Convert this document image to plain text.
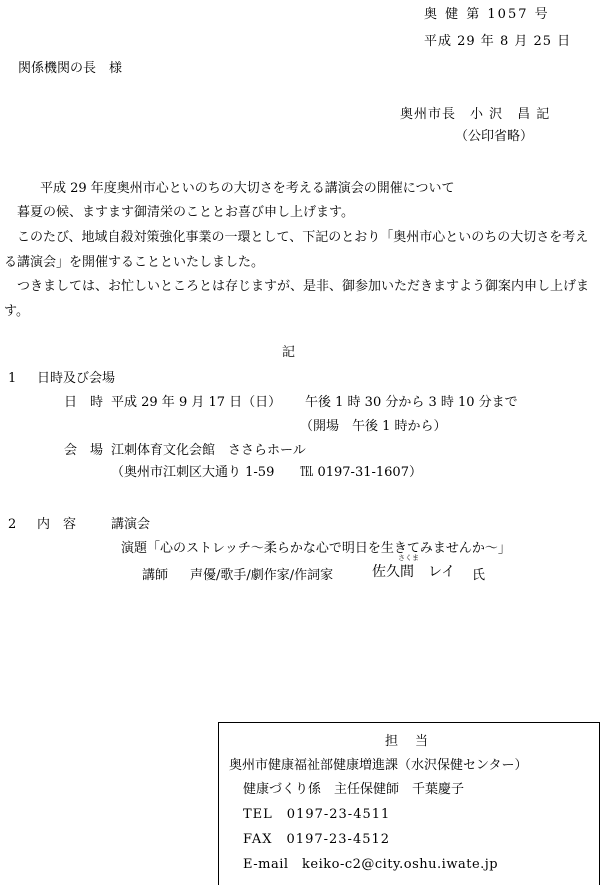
奥 健 第 1057 号
平成 29 年 8 月 25 日
関係機関の長　様
奥州市長　小 沢　昌 記
（公印省略）
平成 29 年度奥州市心といのちの大切さを考える講演会の開催について

　暮夏の候、ますます御清栄のこととお喜び申し上げます。

　このたび、地域自殺対策強化事業の一環として、下記のとおり「奥州市心といのちの大切さを考える講演会」を開催することといたしました。

　つきましては、お忙しいところとは存じますが、是非、御参加いただきますよう御案内申し上げます。

記
1 日時及び会場
日　時 平成 29 年 9 月 17 日（日） 午後 1 時 30 分から 3 時 10 分まで
（開場　午後 1 時から）
会　場 江刺体育文化会館　ささらホール
（奥州市江刺区大通り 1-59　　℡ 0197-31-1607）
2 内　容	講演会
演題「心のストレッチ〜柔らかな心で明日を生きてみませんか〜」
講師 声優/歌手/劇作家/作詞家
さくま
佐久間　レイ 氏
担　当
奥州市健康福祉部健康増進課（水沢保健センター）
健康づくり係　主任保健師　千葉慶子
TEL　0197-23-4511
FAX　0197-23-4512
E-mail　keiko-c2@city.oshu.iwate.jp
